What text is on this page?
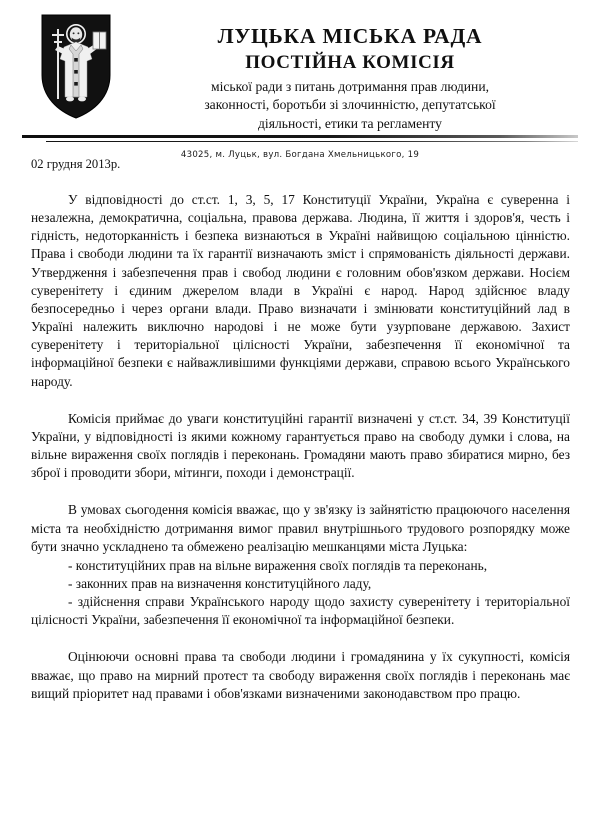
ЛУЦЬКА МІСЬКА РАДА
ПОСТІЙНА КОМІСІЯ
міської ради з питань дотримання прав людини,
законності, боротьби зі злочинністю, депутатської
діяльності, етики та регламенту
43025, м. Луцьк, вул. Богдана Хмельницького, 19
02 грудня 2013р.

У відповідності до ст.ст. 1, 3, 5, 17 Конституції України, Україна є суверенна і незалежна, демократична, соціальна, правова держава. Людина, її життя і здоров'я, честь і гідність, недоторканність і безпека визнаються в Україні найвищою соціальною цінністю. Права і свободи людини та їх гарантії визначають зміст і спрямованість діяльності держави. Утвердження і забезпечення прав і свобод людини є головним обов'язком держави. Носієм суверенітету і єдиним джерелом влади в Україні є народ. Народ здійснює владу безпосередньо і через органи влади. Право визначати і змінювати конституційний лад в Україні належить виключно народові і не може бути узурповане державою. Захист суверенітету і територіальної цілісності України, забезпечення її економічної та інформаційної безпеки є найважливішими функціями держави, справою всього Українського народу.

Комісія приймає до уваги конституційні гарантії визначені у ст.ст. 34, 39 Конституції України, у відповідності із якими кожному гарантується право на свободу думки і слова, на вільне вираження своїх поглядів і переконань. Громадяни мають право збиратися мирно, без зброї і проводити збори, мітинги, походи і демонстрації.

В умовах сьогодення комісія вважає, що у зв'язку із зайнятістю працюючого населення міста та необхідністю дотримання вимог правил внутрішнього трудового розпорядку може бути значно ускладнено та обмежено реалізацію мешканцями міста Луцька:

- конституційних прав на вільне вираження своїх поглядів та переконань,
- законних прав на визначення конституційного ладу,
- здійснення справи Українського народу щодо захисту суверенітету і територіальної цілісності України, забезпечення її економічної та інформаційної безпеки.

Оцінюючи основні права та свободи людини і громадянина у їх сукупності, комісія вважає, що право на мирний протест та свободу вираження своїх поглядів і переконань має вищий пріоритет над правами і обов'язками визначеними законодавством про працю.
